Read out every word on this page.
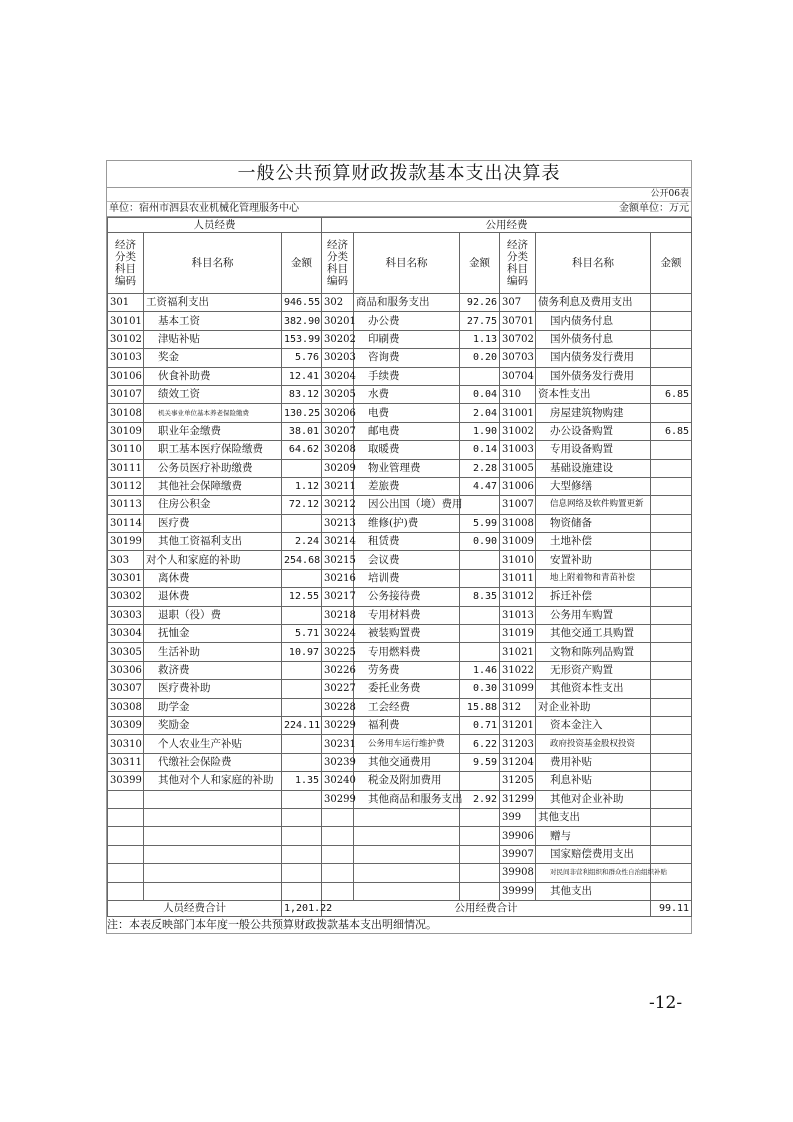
一般公共预算财政拨款基本支出决算表
公开06表
单位：宿州市泗县农业机械化管理服务中心	金额单位：万元
人员经费			公用经费					
经济分类科目编码	科目名称	金额	经济分类科目编码	科目名称	金额	经济分类科目编码	科目名称	金额
301	工资福利支出	946.55	302	商品和服务支出	92.26	307	债务利息及费用支出	
30101	基本工资	382.90	30201	办公费	27.75	30701	国内债务付息	
30102	津贴补贴	153.99	30202	印刷费	1.13	30702	国外债务付息	
30103	奖金	5.76	30203	咨询费	0.20	30703	国内债务发行费用	
30106	伙食补助费	12.41	30204	手续费		30704	国外债务发行费用	
30107	绩效工资	83.12	30205	水费	0.04	310	资本性支出	6.85
30108	机关事业单位基本养老保险缴费	130.25	30206	电费	2.04	31001	房屋建筑物购建	
30109	职业年金缴费	38.01	30207	邮电费	1.90	31002	办公设备购置	6.85
30110	职工基本医疗保险缴费	64.62	30208	取暖费	0.14	31003	专用设备购置	
30111	公务员医疗补助缴费		30209	物业管理费	2.28	31005	基础设施建设	
30112	其他社会保障缴费	1.12	30211	差旅费	4.47	31006	大型修缮	
30113	住房公积金	72.12	30212	因公出国（境）费用		31007	信息网络及软件购置更新	
30114	医疗费		30213	维修(护)费	5.99	31008	物资储备	
30199	其他工资福利支出	2.24	30214	租赁费	0.90	31009	土地补偿	
303	对个人和家庭的补助	254.68	30215	会议费		31010	安置补助	
30301	离休费		30216	培训费		31011	地上附着物和青苗补偿	
30302	退休费	12.55	30217	公务接待费	8.35	31012	拆迁补偿	
30303	退职（役）费		30218	专用材料费		31013	公务用车购置	
30304	抚恤金	5.71	30224	被装购置费		31019	其他交通工具购置	
30305	生活补助	10.97	30225	专用燃料费		31021	文物和陈列品购置	
30306	救济费		30226	劳务费	1.46	31022	无形资产购置	
30307	医疗费补助		30227	委托业务费	0.30	31099	其他资本性支出	
30308	助学金		30228	工会经费	15.88	312	对企业补助	
30309	奖励金	224.11	30229	福利费	0.71	31201	资本金注入	
30310	个人农业生产补贴		30231	公务用车运行维护费	6.22	31203	政府投资基金股权投资	
30311	代缴社会保险费		30239	其他交通费用	9.59	31204	费用补贴	
30399	其他对个人和家庭的补助	1.35	30240	税金及附加费用		31205	利息补贴	
			30299	其他商品和服务支出	2.92	31299	其他对企业补助	
						399	其他支出	
						39906	赠与	
						39907	国家赔偿费用支出	
						39908	对民间非营利组织和群众性自治组织补贴	
						39999	其他支出	
人员经费合计		1,201.22	公用经费合计					99.11
注：本表反映部门本年度一般公共预算财政拨款基本支出明细情况。
-12-
